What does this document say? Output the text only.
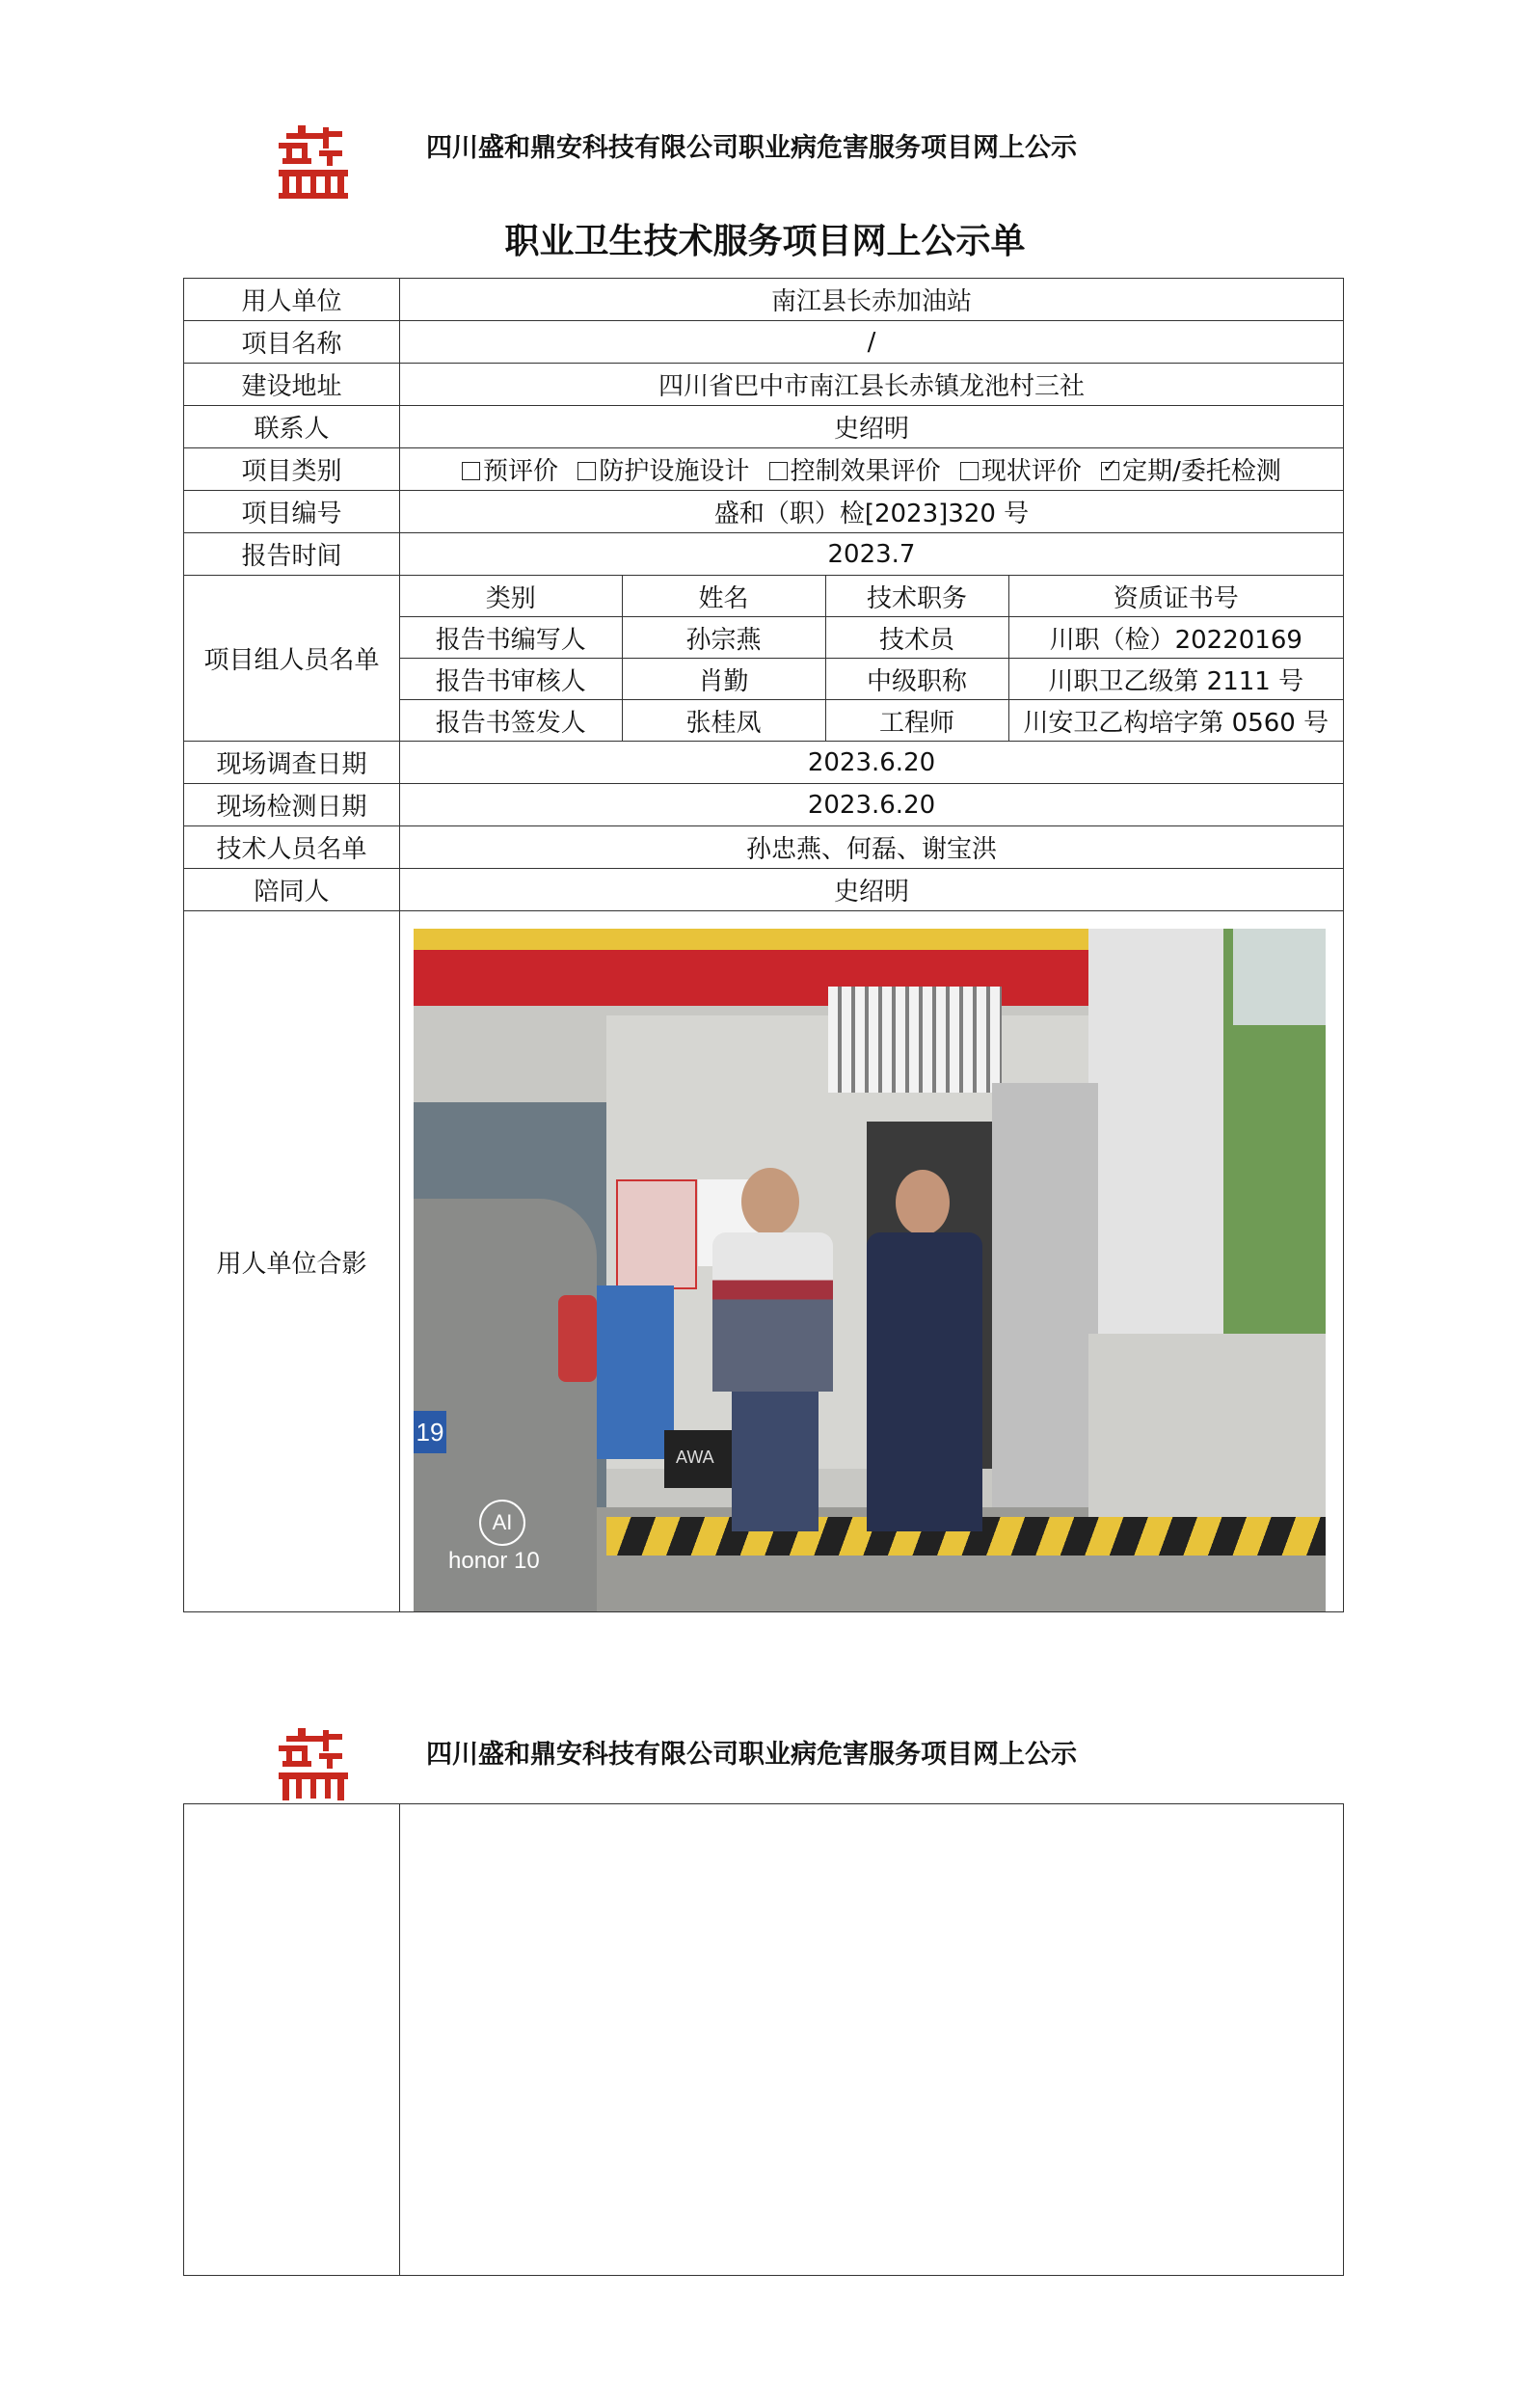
四川盛和鼎安科技有限公司职业病危害服务项目网上公示
职业卫生技术服务项目网上公示单
用人单位	南江县长赤加油站
项目名称	/
建设地址	四川省巴中市南江县长赤镇龙池村三社
联系人	史绍明
项目类别	预评价 防护设施设计 控制效果评价 现状评价 ✓ 定期/委托检测
项目编号	盛和（职）检[2023]320 号
报告时间	2023.7
项目组人员名单	
类别	姓名	技术职务	资质证书号
报告书编写人	孙宗燕	技术员	川职（检）20220169
报告书审核人	肖勤	中级职称	川职卫乙级第 2111 号
报告书签发人	张桂凤	工程师	川安卫乙构培字第 0560 号

现场调查日期	2023.6.20
现场检测日期	2023.6.20
技术人员名单	孙忠燕、何磊、谢宝洪
陪同人	史绍明
用人单位合影	
AWA
19
AI
honor 10
四川盛和鼎安科技有限公司职业病危害服务项目网上公示
